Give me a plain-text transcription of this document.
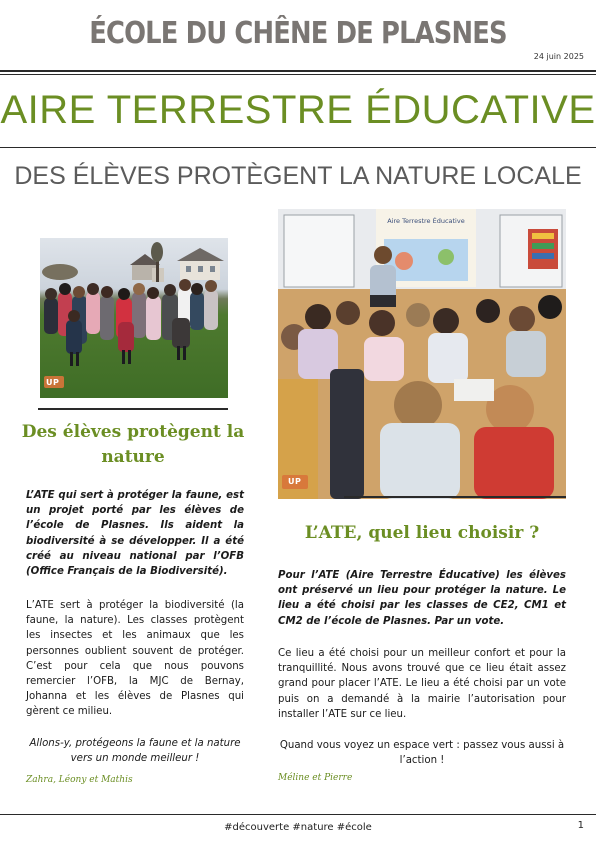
ÉCOLE DU CHÊNE DE PLASNES
24 juin 2025
AIRE TERRESTRE ÉDUCATIVE
DES ÉLÈVES PROTÈGENT LA NATURE LOCALE
UP
Des élèves protègent la nature
L’ATE qui sert à protéger la faune, est un projet porté par les élèves de l’école de Plasnes. Ils aident la biodiversité à se développer. Il a été créé au niveau national par l’OFB (Office Français de la Biodiversité).
L’ATE sert à protéger la biodiversité (la faune, la nature). Les classes protègent les insectes et les animaux que les personnes oublient souvent de protéger. C’est pour cela que nous pouvons remercier l’OFB, la MJC de Bernay, Johanna et les élèves de Plasnes qui gèrent ce milieu.
Allons-y, protégeons la faune et la nature vers un monde meilleur !
Zahra, Léony et Mathis
UP
Aire Terrestre Éducative
L’ATE, quel lieu choisir ?
Pour l’ATE (Aire Terrestre Éducative) les élèves ont préservé un lieu pour protéger la nature. Le lieu a été choisi par les classes de CE2, CM1 et CM2 de l’école de Plasnes. Par un vote.
Ce lieu a été choisi pour un meilleur confort et pour la tranquillité. Nous avons trouvé que ce lieu était assez grand pour placer l’ATE. Le lieu a été choisi par un vote puis on a demandé à la mairie l’autorisation pour installer l’ATE sur ce lieu.
Quand vous voyez un espace vert : passez vous aussi à l’action !
Méline et Pierre
#découverte #nature #école	1
